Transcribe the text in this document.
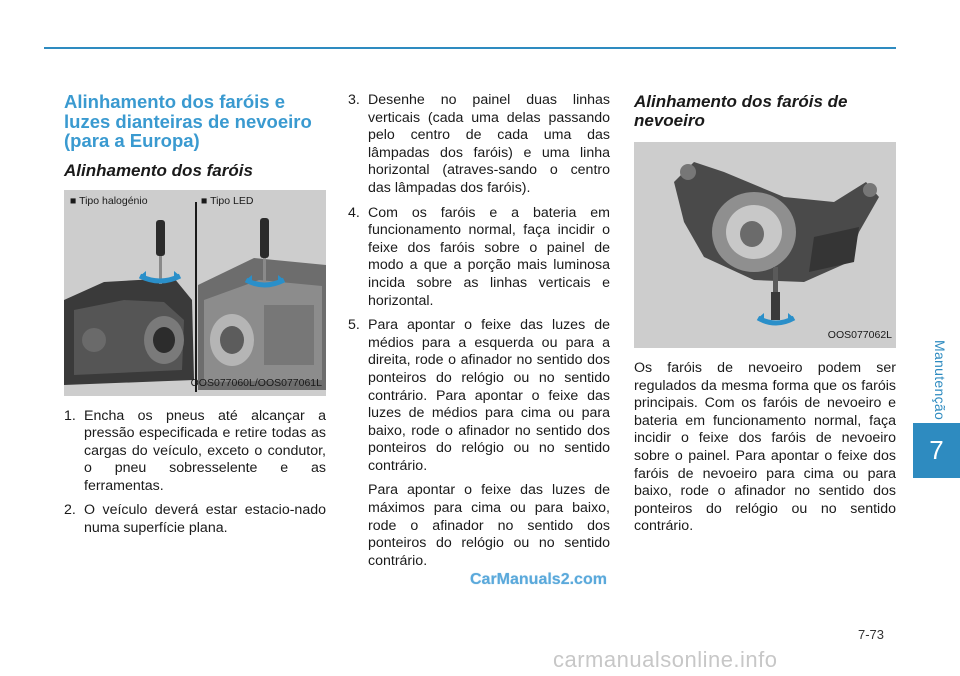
Manutenção
7
Alinhamento dos faróis e luzes dianteiras de nevoeiro (para a Europa)
Alinhamento dos faróis
■ Tipo halogénio	■ Tipo LED
OOS077060L/OOS077061L
1. Encha os pneus até alcançar a pressão especificada e retire todas as cargas do veículo, exceto o condutor, o pneu sobresselente e as ferramentas.
2. O veículo deverá estar estacio-nado numa superfície plana.
3. Desenhe no painel duas linhas verticais (cada uma delas passando pelo centro de cada uma das lâmpadas dos faróis) e uma linha horizontal (atraves-sando o centro das lâmpadas dos faróis).
4. Com os faróis e a bateria em funcionamento normal, faça incidir o feixe dos faróis sobre o painel de modo a que a porção mais luminosa incida sobre as linhas verticais e horizontal.
5. Para apontar o feixe das luzes de médios para a esquerda ou para a direita, rode o afinador no sentido dos ponteiros do relógio ou no sentido contrário. Para apontar o feixe das luzes de médios para cima ou para baixo, rode o afinador no sentido dos ponteiros do relógio ou no sentido contrário.
Para apontar o feixe das luzes de máximos para cima ou para baixo, rode o afinador no sentido dos ponteiros do relógio ou no sentido contrário.
Alinhamento dos faróis de nevoeiro
OOS077062L

Os faróis de nevoeiro podem ser regulados da mesma forma que os faróis principais. Com os faróis de nevoeiro e bateria em funcionamento normal, faça incidir o feixe dos faróis de nevoeiro sobre o painel. Para apontar o feixe dos faróis de nevoeiro para cima ou para baixo, rode o afinador no sentido dos ponteiros do relógio ou no sentido contrário.

CarManuals2.com
7-73
carmanualsonline.info
